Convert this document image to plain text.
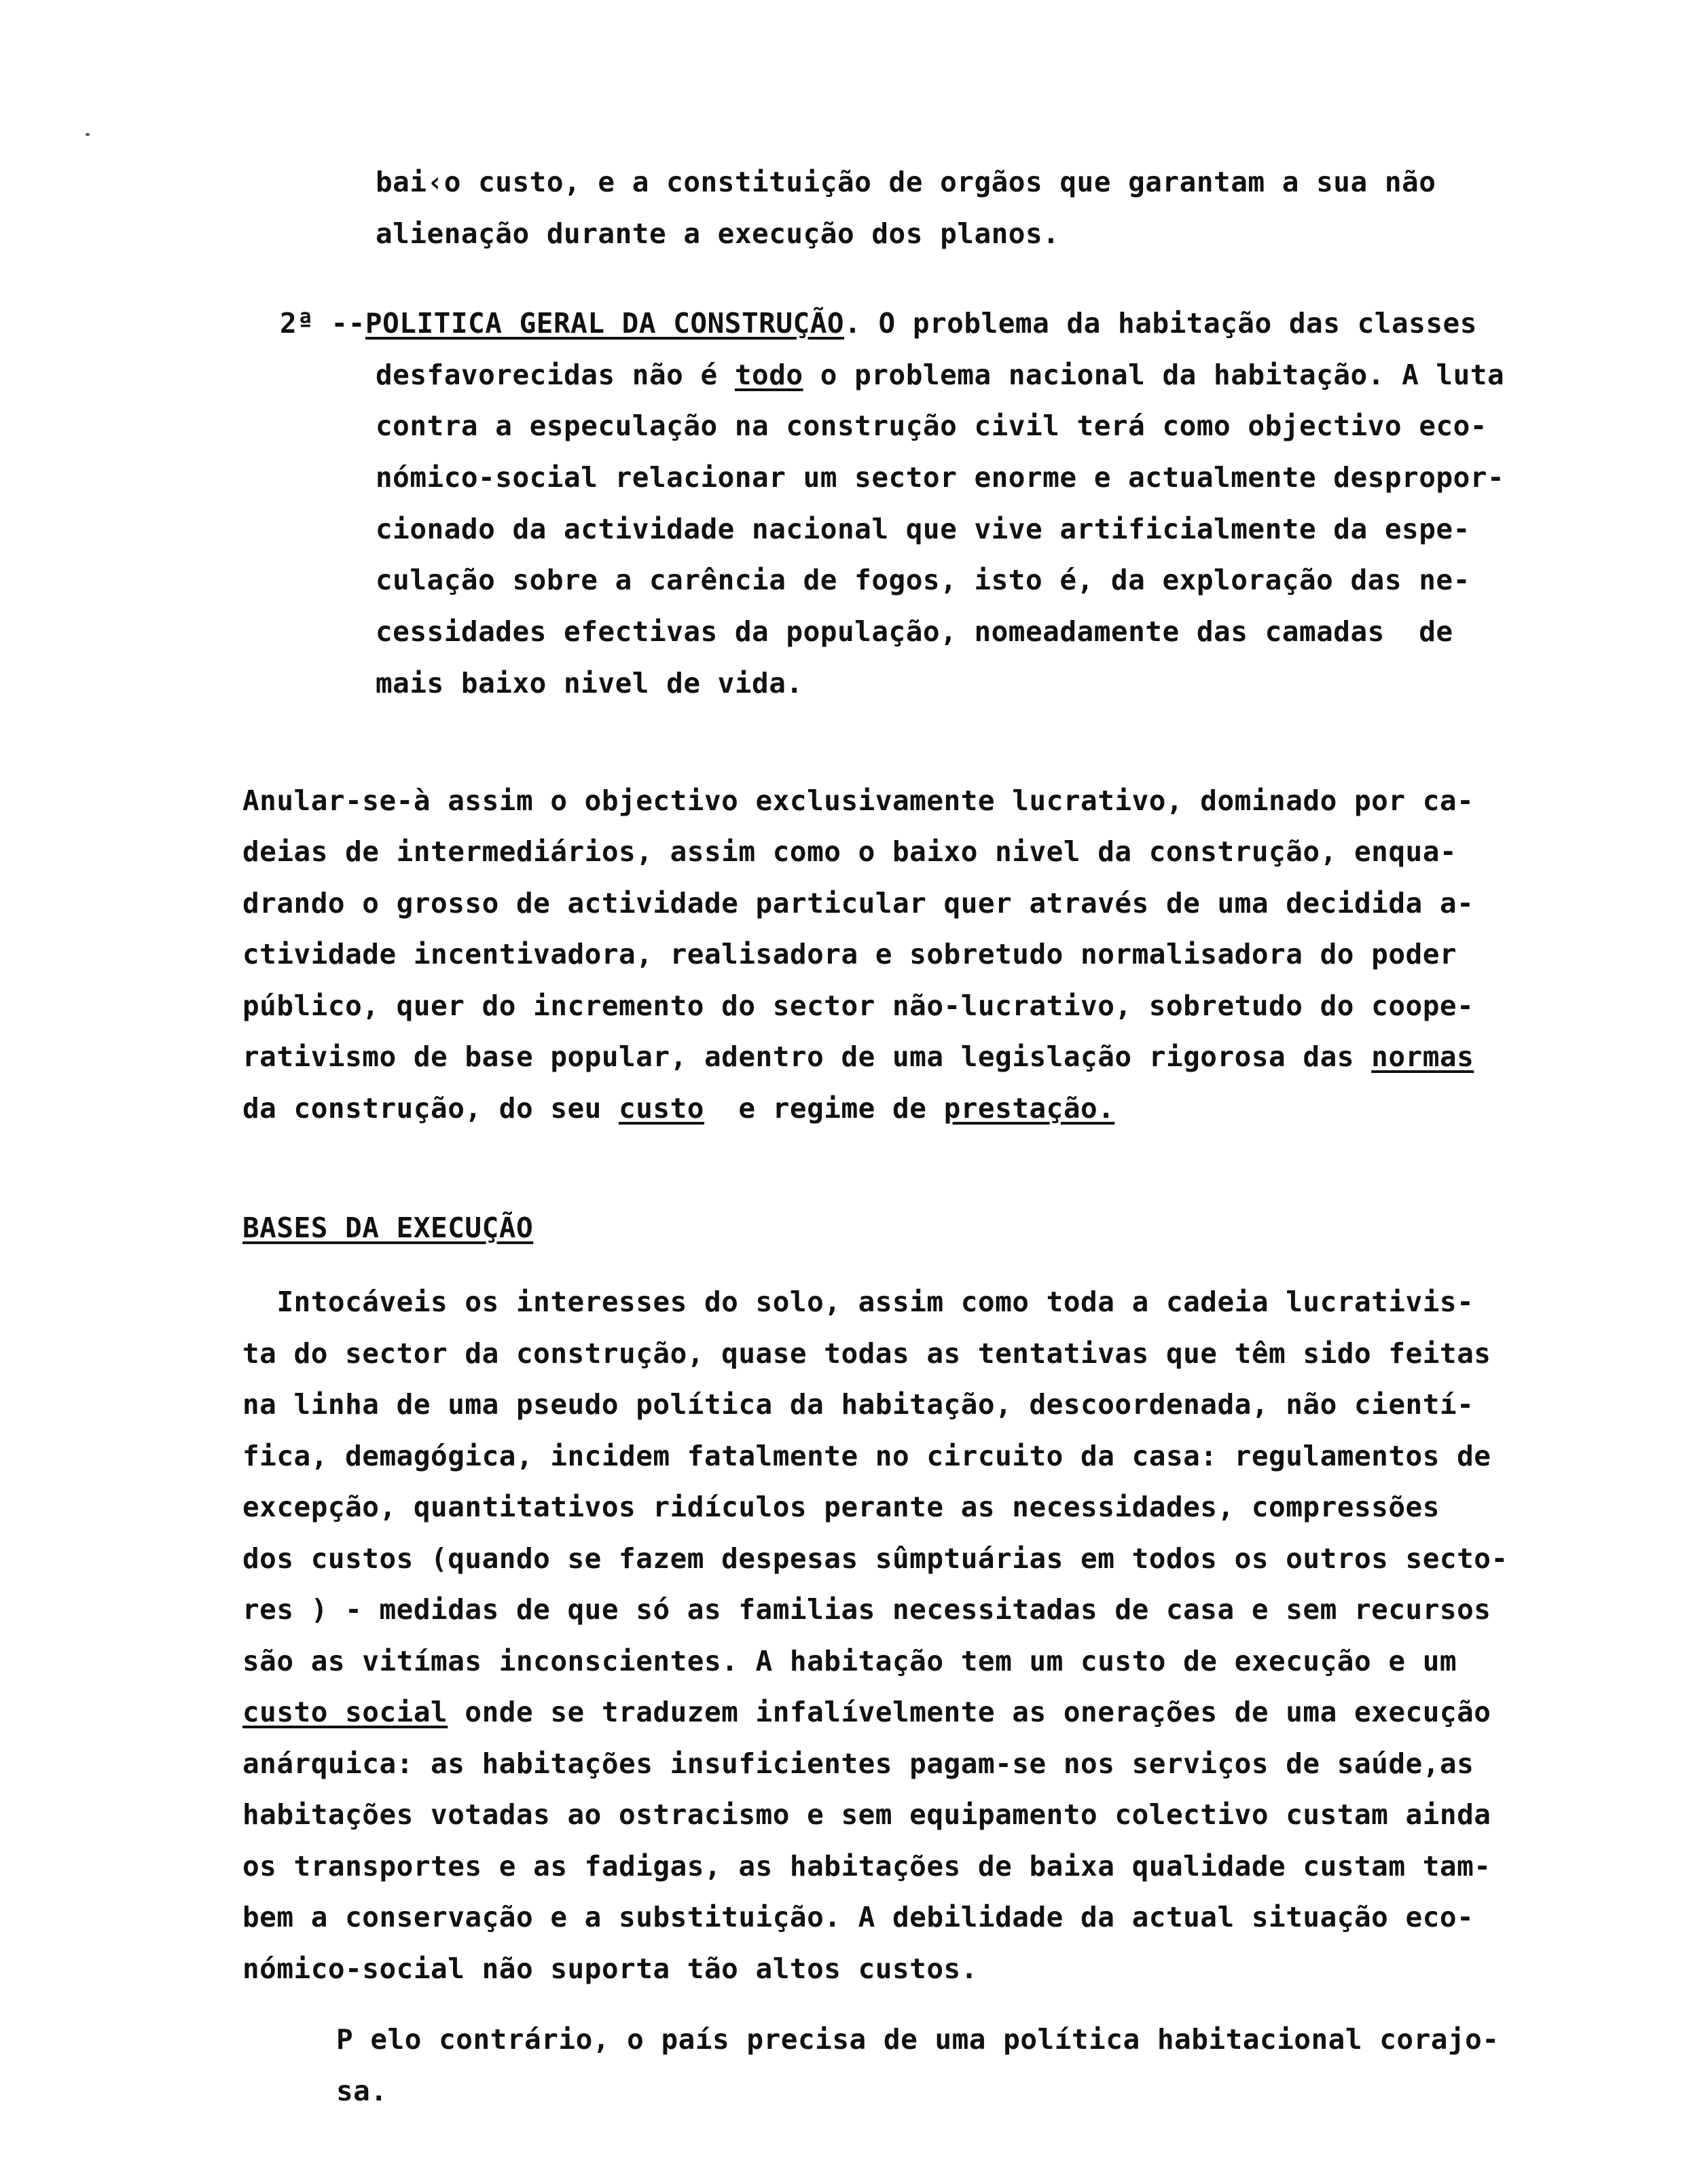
bai‹o custo, e a constituição de orgãos que garantam a sua não

alienação durante a execução dos planos.

2ª --POLITICA GERAL DA CONSTRUÇÃO. O problema da habitação das classes

desfavorecidas não é todo o problema nacional da habitação. A luta

contra a especulação na construção civil terá como objectivo eco-

nómico-social relacionar um sector enorme e actualmente despropor-

cionado da actividade nacional que vive artificialmente da espe-

culação sobre a carência de fogos, isto é, da exploração das ne-

cessidades efectivas da população, nomeadamente das camadas  de

mais baixo nivel de vida.

Anular-se-à assim o objectivo exclusivamente lucrativo, dominado por ca-

deias de intermediários, assim como o baixo nivel da construção, enqua-

drando o grosso de actividade particular quer através de uma decidida a-

ctividade incentivadora, realisadora e sobretudo normalisadora do poder

público, quer do incremento do sector não-lucrativo, sobretudo do coope-

rativismo de base popular, adentro de uma legislação rigorosa das normas

da construção, do seu custo  e regime de prestação.

BASES DA EXECUÇÃO

Intocáveis os interesses do solo, assim como toda a cadeia lucrativis-

ta do sector da construção, quase todas as tentativas que têm sido feitas

na linha de uma pseudo política da habitação, descoordenada, não cientí-

fica, demagógica, incidem fatalmente no circuito da casa: regulamentos de

excepção, quantitativos ridículos perante as necessidades, compressões

dos custos (quando se fazem despesas sûmptuárias em todos os outros secto-

res ) - medidas de que só as familias necessitadas de casa e sem recursos

são as vitímas inconscientes. A habitação tem um custo de execução e um

custo social onde se traduzem infalívelmente as onerações de uma execução

anárquica: as habitações insuficientes pagam-se nos serviços de saúde,as

habitações votadas ao ostracismo e sem equipamento colectivo custam ainda

os transportes e as fadigas, as habitações de baixa qualidade custam tam-

bem a conservação e a substituição. A debilidade da actual situação eco-

nómico-social não suporta tão altos custos.

P elo contrário, o país precisa de uma política habitacional corajo-

sa.
